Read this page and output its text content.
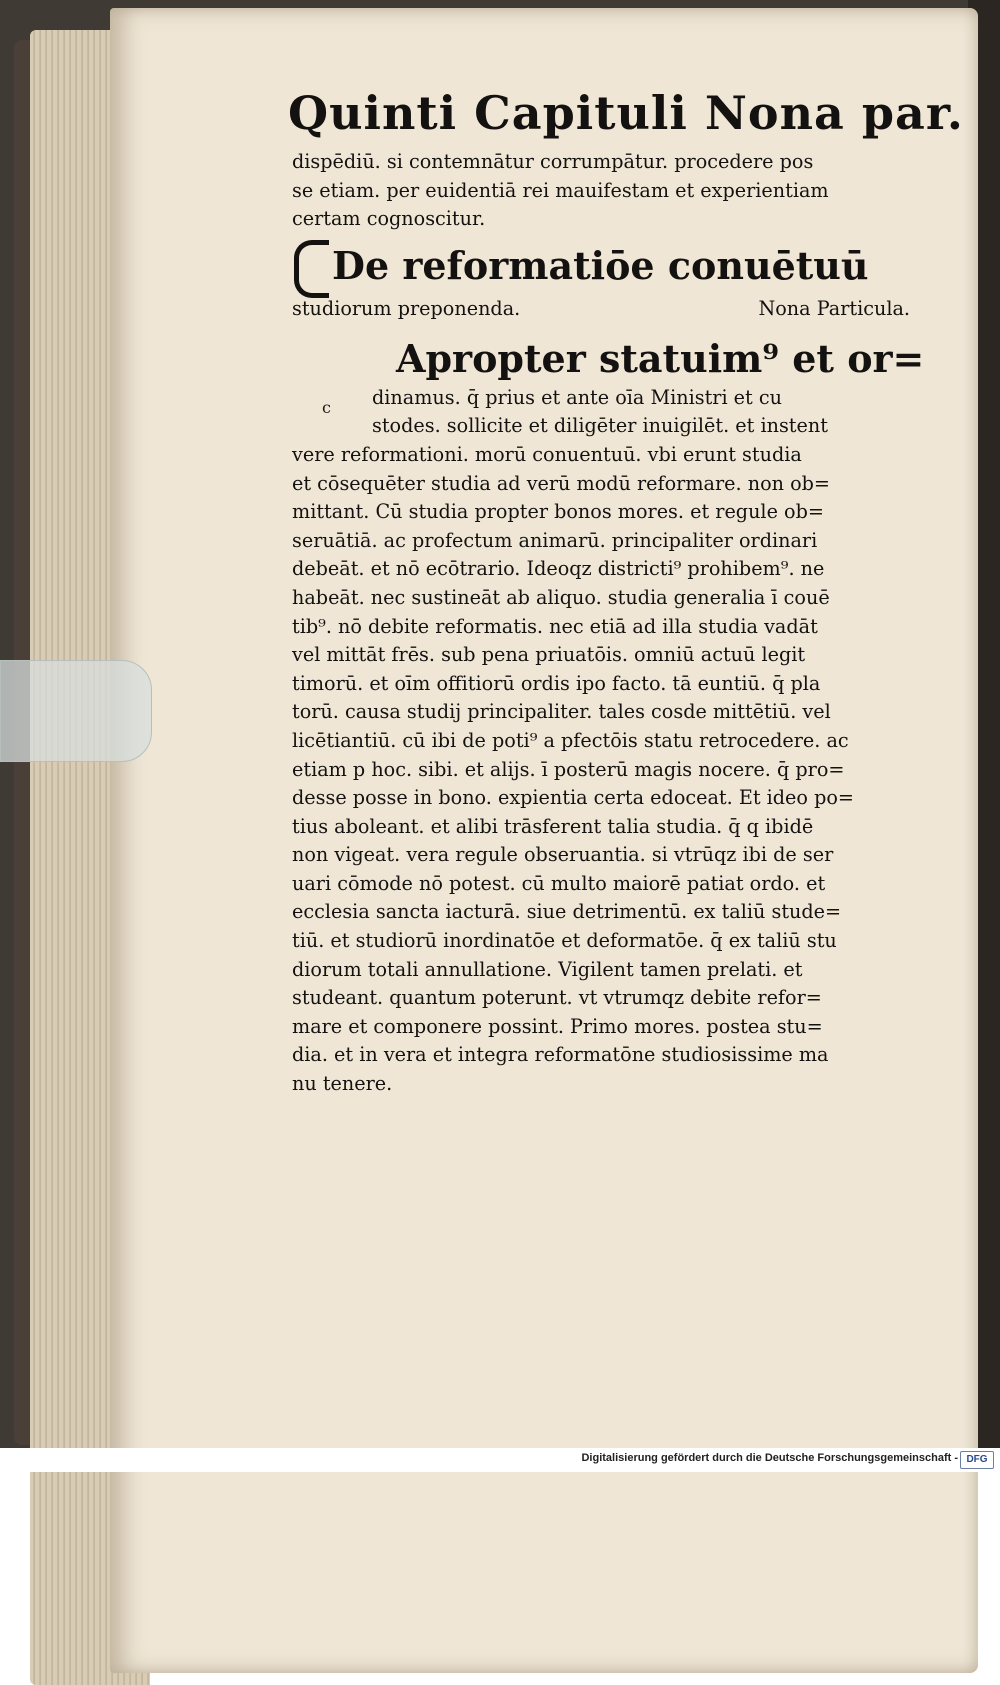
c
Quinti Capituli Nona par.
dispēdiū. si contemnātur corrumpātur. procedere pos
se etiam. per euidentiā rei mauifestam et experientiam
certam cognoscitur.
De reformatiōe conuētuū
studiorum preponenda.	Nona Particula.
Apropter statuim⁹ et or=
dinamus. q̄ prius et ante oīa Ministri et cu
stodes. sollicite et diligēter inuigilēt. et instent
vere reformationi. morū conuentuū. vbi erunt studia
et cōsequēter studia ad verū modū reformare. non ob=
mittant. Cū studia propter bonos mores. et regule ob=
seruātiā. ac profectum animarū. principaliter ordinari
debeāt. et nō ecōtrario. Ideoqz districti⁹ prohibem⁹. ne
habeāt. nec sustineāt ab aliquo. studia generalia ī couē
tib⁹. nō debite reformatis. nec etiā ad illa studia vadāt
vel mittāt frēs. sub pena priuatōis. omniū actuū legit
timorū. et oīm offitiorū ordis ipo facto. tā euntiū. q̄ pla
torū. causa studij principaliter. tales cosde mittētiū. vel
licētiantiū. cū ibi de poti⁹ a pfectōis statu retrocedere. ac
etiam p hoc. sibi. et alijs. ī posterū magis nocere. q̄ pro=
desse posse in bono. expientia certa edoceat. Et ideo po=
tius aboleant. et alibi trāsferent talia studia. q̄ q ibidē
non vigeat. vera regule obseruantia. si vtrūqz ibi de ser
uari cōmode nō potest. cū multo maiorē patiat ordo. et
ecclesia sancta iacturā. siue detrimentū. ex taliū stude=
tiū. et studiorū inordinatōe et deformatōe. q̄ ex taliū stu
diorum totali annullatione. Vigilent tamen prelati. et
studeant. quantum poterunt. vt vtrumqz debite refor=
mare et componere possint. Primo mores. postea stu=
dia. et in vera et integra reformatōne studiosissime ma
nu tenere.
Digitalisierung gefördert durch die Deutsche Forschungsgemeinschaft - DFG
